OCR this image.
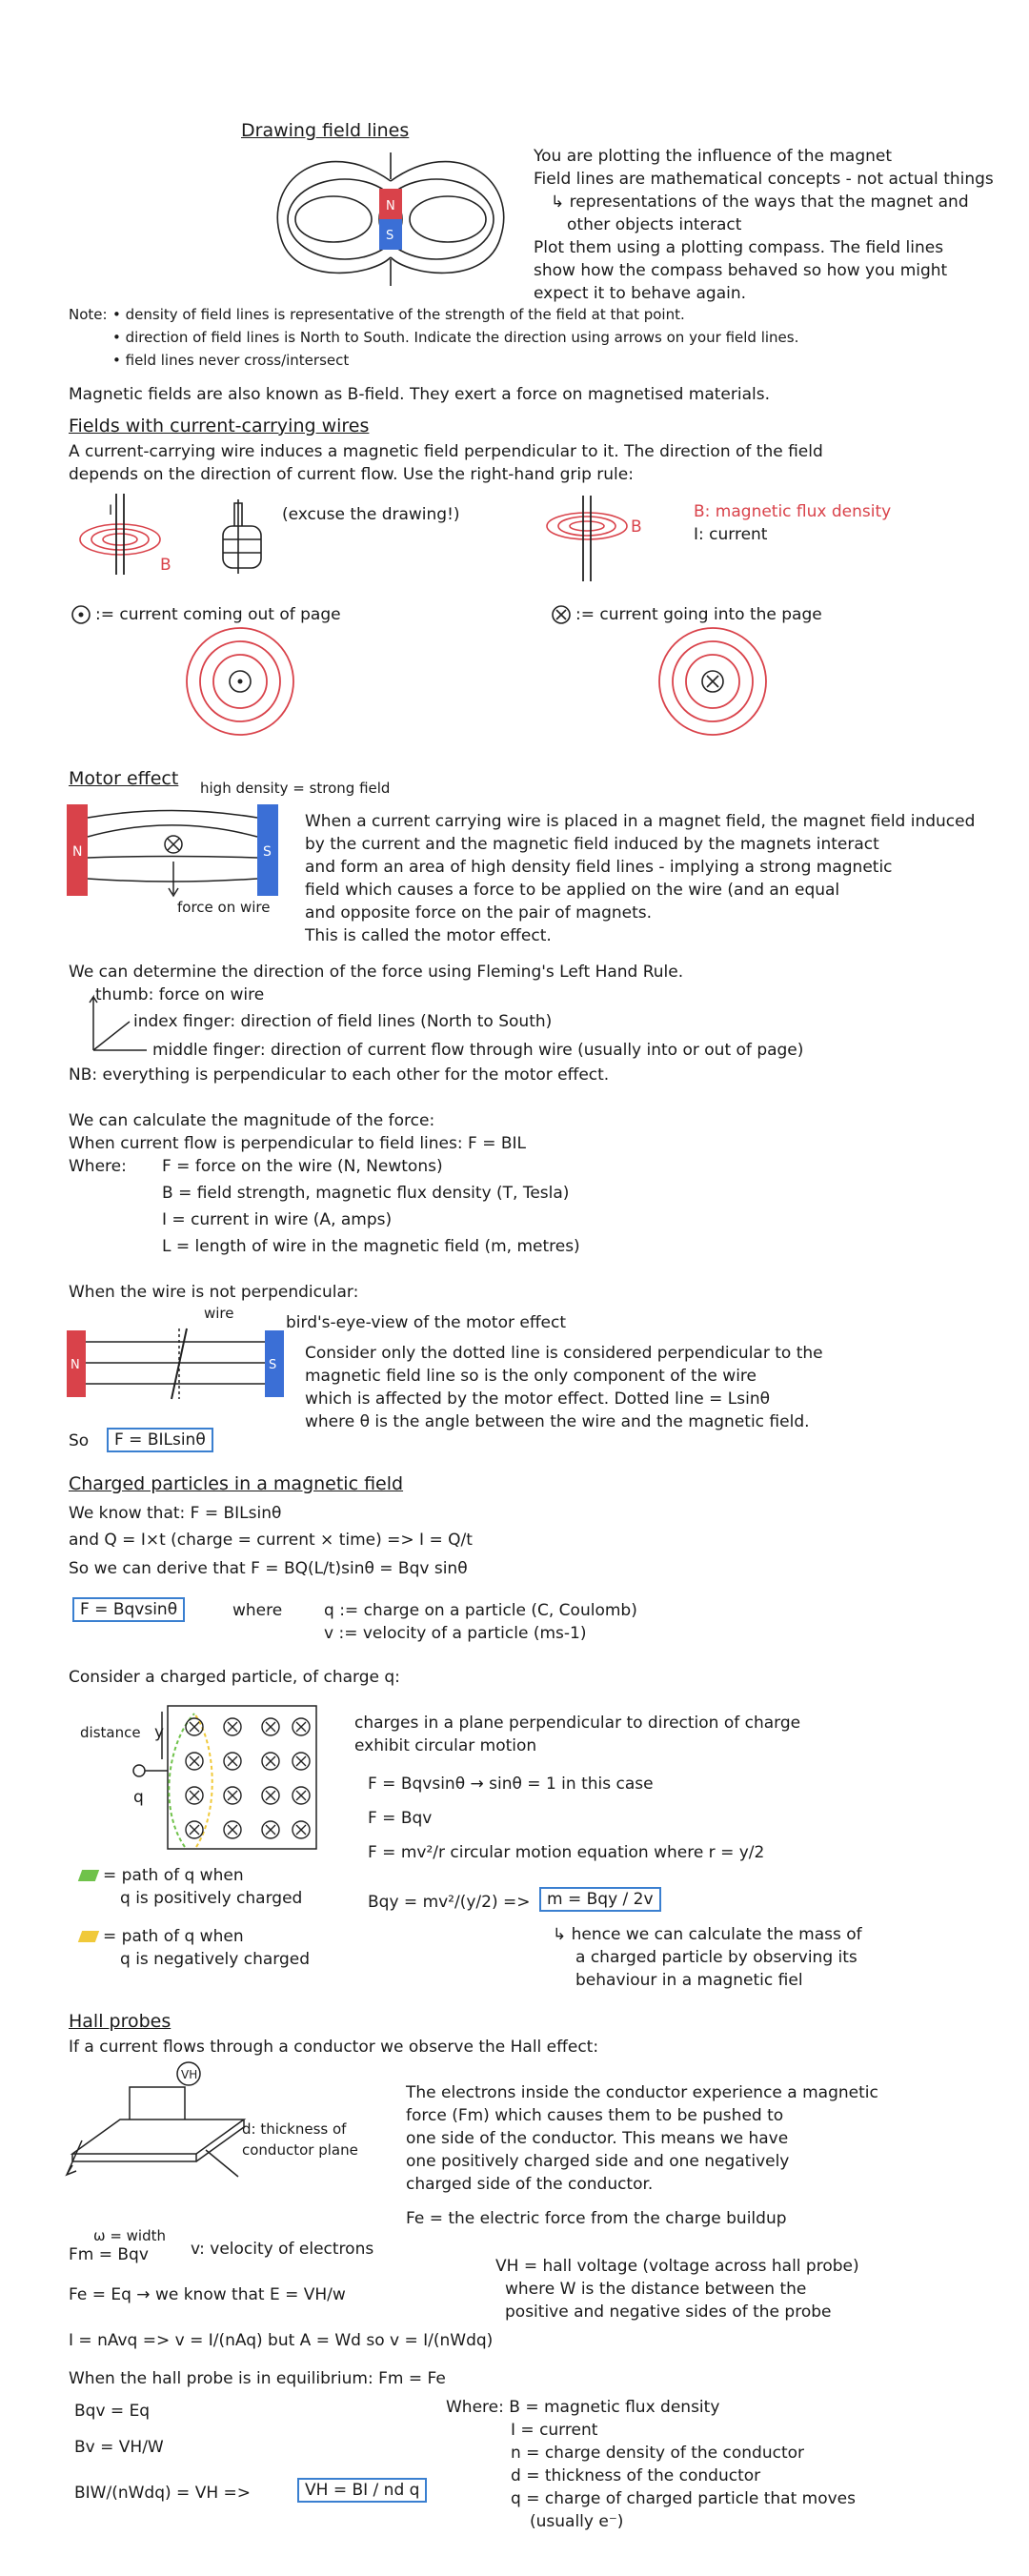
Drawing field lines
N
S
You are plotting the influence of the magnet
Field lines are mathematical concepts - not actual things
↳ representations of the ways that the magnet and
other objects interact
Plot them using a plotting compass. The field lines
show how the compass behaved so how you might
expect it to behave again.
Note: • density of field lines is representative of the strength of the field at that point.
• direction of field lines is North to South. Indicate the direction using arrows on your field lines.
• field lines never cross/intersect
Magnetic fields are also known as B-field. They exert a force on magnetised materials.
Fields with current-carrying wires
A current-carrying wire induces a magnetic field perpendicular to it. The direction of the field
depends on the direction of current flow. Use the right-hand grip rule:
B
I	(excuse the drawing!)
B
B: magnetic flux density
I: current
:= current coming out of page	:= current going into the page
Motor effect high density = strong field
N	S
force on wire
When a current carrying wire is placed in a magnet field, the magnet field induced
by the current and the magnetic field induced by the magnets interact
and form an area of high density field lines - implying a strong magnetic
field which causes a force to be applied on the wire (and an equal
and opposite force on the pair of magnets.
This is called the motor effect.
We can determine the direction of the force using Fleming's Left Hand Rule.
thumb: force on wire
index finger: direction of field lines (North to South)
middle finger: direction of current flow through wire (usually into or out of page)
NB: everything is perpendicular to each other for the motor effect.
We can calculate the magnitude of the force:
When current flow is perpendicular to field lines: F = BIL
Where: F = force on the wire (N, Newtons)
B = field strength, magnetic flux density (T, Tesla)
I = current in wire (A, amps)
L = length of wire in the magnetic field (m, metres)
When the wire is not perpendicular:
wire	bird's-eye-view of the motor effect
N	S
Consider only the dotted line is considered perpendicular to the
magnetic field line so is the only component of the wire
which is affected by the motor effect. Dotted line = Lsinθ
where θ is the angle between the wire and the magnetic field.
So	F = BILsinθ
Charged particles in a magnetic field
We know that: F = BILsinθ
and Q = I×t (charge = current × time) => I = Q/t
So we can derive that F = BQ(L/t)sinθ = Bqv sinθ
F = Bqvsinθ	where	q := charge on a particle (C, Coulomb)
v := velocity of a particle (ms-1)
Consider a charged particle, of charge q:
distance y
q
charges in a plane perpendicular to direction of charge
exhibit circular motion
F = Bqvsinθ → sinθ = 1 in this case
F = Bqv
F = mv²/r circular motion equation where r = y/2
Bqy = mv²/(y/2) =>	m = Bqy / 2v
↳ hence we can calculate the mass of
a charged particle by observing its
behaviour in a magnetic fiel
= path of q when
q is positively charged
= path of q when
q is negatively charged
Hall probes
If a current flows through a conductor we observe the Hall effect:
VH
d: thickness of
conductor plane
The electrons inside the conductor experience a magnetic
force (Fm) which causes them to be pushed to
one side of the conductor. This means we have
one positively charged side and one negatively
charged side of the conductor.
Fe = the electric force from the charge buildup
ω = width
Fm = Bqv	v: velocity of electrons
VH = hall voltage (voltage across hall probe)
Fe = Eq → we know that E = VH/w	where W is the distance between the
positive and negative sides of the probe
I = nAvq => v = I/(nAq) but A = Wd so v = I/(nWdq)
When the hall probe is in equilibrium: Fm = Fe
Bqv = Eq
Bv = VH/W
BIW/(nWdq) = VH =>	VH = BI / nd q
Where: B = magnetic flux density
I = current
n = charge density of the conductor
d = thickness of the conductor
q = charge of charged particle that moves
(usually e⁻)
